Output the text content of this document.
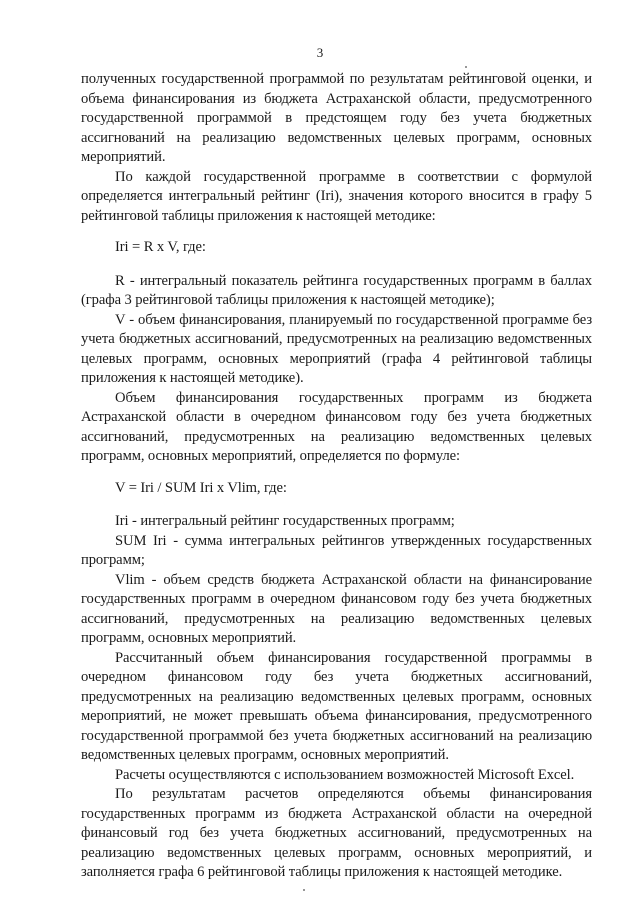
3

полученных государственной программой по результатам рейтинговой оценки, и объема финансирования из бюджета Астраханской области, предусмотренного государственной программой в предстоящем году без учета бюджетных ассигнований на реализацию ведомственных целевых программ, основных мероприятий.

По каждой государственной программе в соответствии с формулой определяется интегральный рейтинг (Iri), значения которого вносится в графу 5 рейтинговой таблицы приложения к настоящей методике:

Iri = R x V, где:

R - интегральный показатель рейтинга государственных программ в баллах (графа 3 рейтинговой таблицы приложения к настоящей методике);

V - объем финансирования, планируемый по государственной программе без учета бюджетных ассигнований, предусмотренных на реализацию ведомственных целевых программ, основных мероприятий (графа 4 рейтинговой таблицы приложения к настоящей методике).

Объем финансирования государственных программ из бюджета Астраханской области в очередном финансовом году без учета бюджетных ассигнований, предусмотренных на реализацию ведомственных целевых программ, основных мероприятий, определяется по формуле:

V = Iri / SUM Iri x Vlim, где:

Iri - интегральный рейтинг государственных программ;

SUM Iri - сумма интегральных рейтингов утвержденных государственных программ;

Vlim - объем средств бюджета Астраханской области на финансирование государственных программ в очередном финансовом году без учета бюджетных ассигнований, предусмотренных на реализацию ведомственных целевых программ, основных мероприятий.

Рассчитанный объем финансирования государственной программы в очередном финансовом году без учета бюджетных ассигнований, предусмотренных на реализацию ведомственных целевых программ, основных мероприятий, не может превышать объема финансирования, предусмотренного государственной программой без учета бюджетных ассигнований на реализацию ведомственных целевых программ, основных мероприятий.

Расчеты осуществляются с использованием возможностей Microsoft Excel.

По результатам расчетов определяются объемы финансирования государственных программ из бюджета Астраханской области на очередной финансовый год без учета бюджетных ассигнований, предусмотренных на реализацию ведомственных целевых программ, основных мероприятий, и заполняется графа 6 рейтинговой таблицы приложения к настоящей методике.
